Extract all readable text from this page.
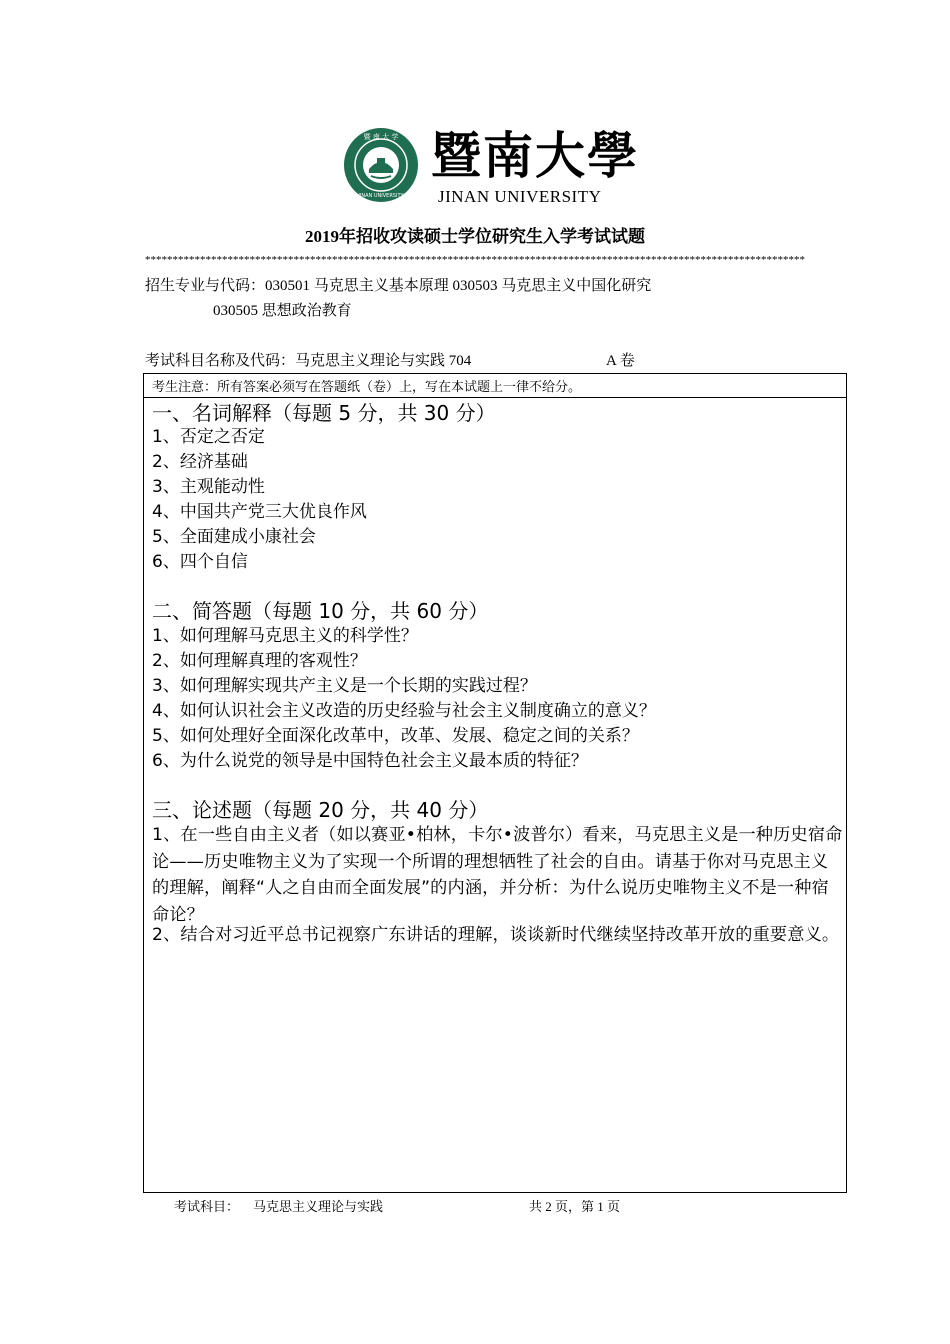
暨 南 大 学
1906
JINAN UNIVERSITY
暨南大學
JINAN UNIVERSITY
2019年招收攻读硕士学位研究生入学考试试题
************************************************************************************************************************
招生专业与代码：030501 马克思主义基本原理 030503 马克思主义中国化研究
030505 思想政治教育
考试科目名称及代码：马克思主义理论与实践 704	A 卷
考生注意：所有答案必须写在答题纸（卷）上，写在本试题上一律不给分。
一、名词解释（每题 5 分，共 30 分）
1、否定之否定
2、经济基础
3、主观能动性
4、中国共产党三大优良作风
5、全面建成小康社会
6、四个自信
二、简答题（每题 10 分，共 60 分）
1、如何理解马克思主义的科学性？
2、如何理解真理的客观性？
3、如何理解实现共产主义是一个长期的实践过程？
4、如何认识社会主义改造的历史经验与社会主义制度确立的意义？
5、如何处理好全面深化改革中，改革、发展、稳定之间的关系？
6、为什么说党的领导是中国特色社会主义最本质的特征？
三、论述题（每题 20 分，共 40 分）
1、在一些自由主义者（如以赛亚•柏林，卡尔•波普尔）看来，马克思主义是一种历史宿命论——历史唯物主义为了实现一个所谓的理想牺牲了社会的自由。请基于你对马克思主义的理解，阐释“人之自由而全面发展”的内涵，并分析：为什么说历史唯物主义不是一种宿命论？
2、结合对习近平总书记视察广东讲话的理解，谈谈新时代继续坚持改革开放的重要意义。
考试科目： 马克思主义理论与实践	共 2 页，第 1 页
